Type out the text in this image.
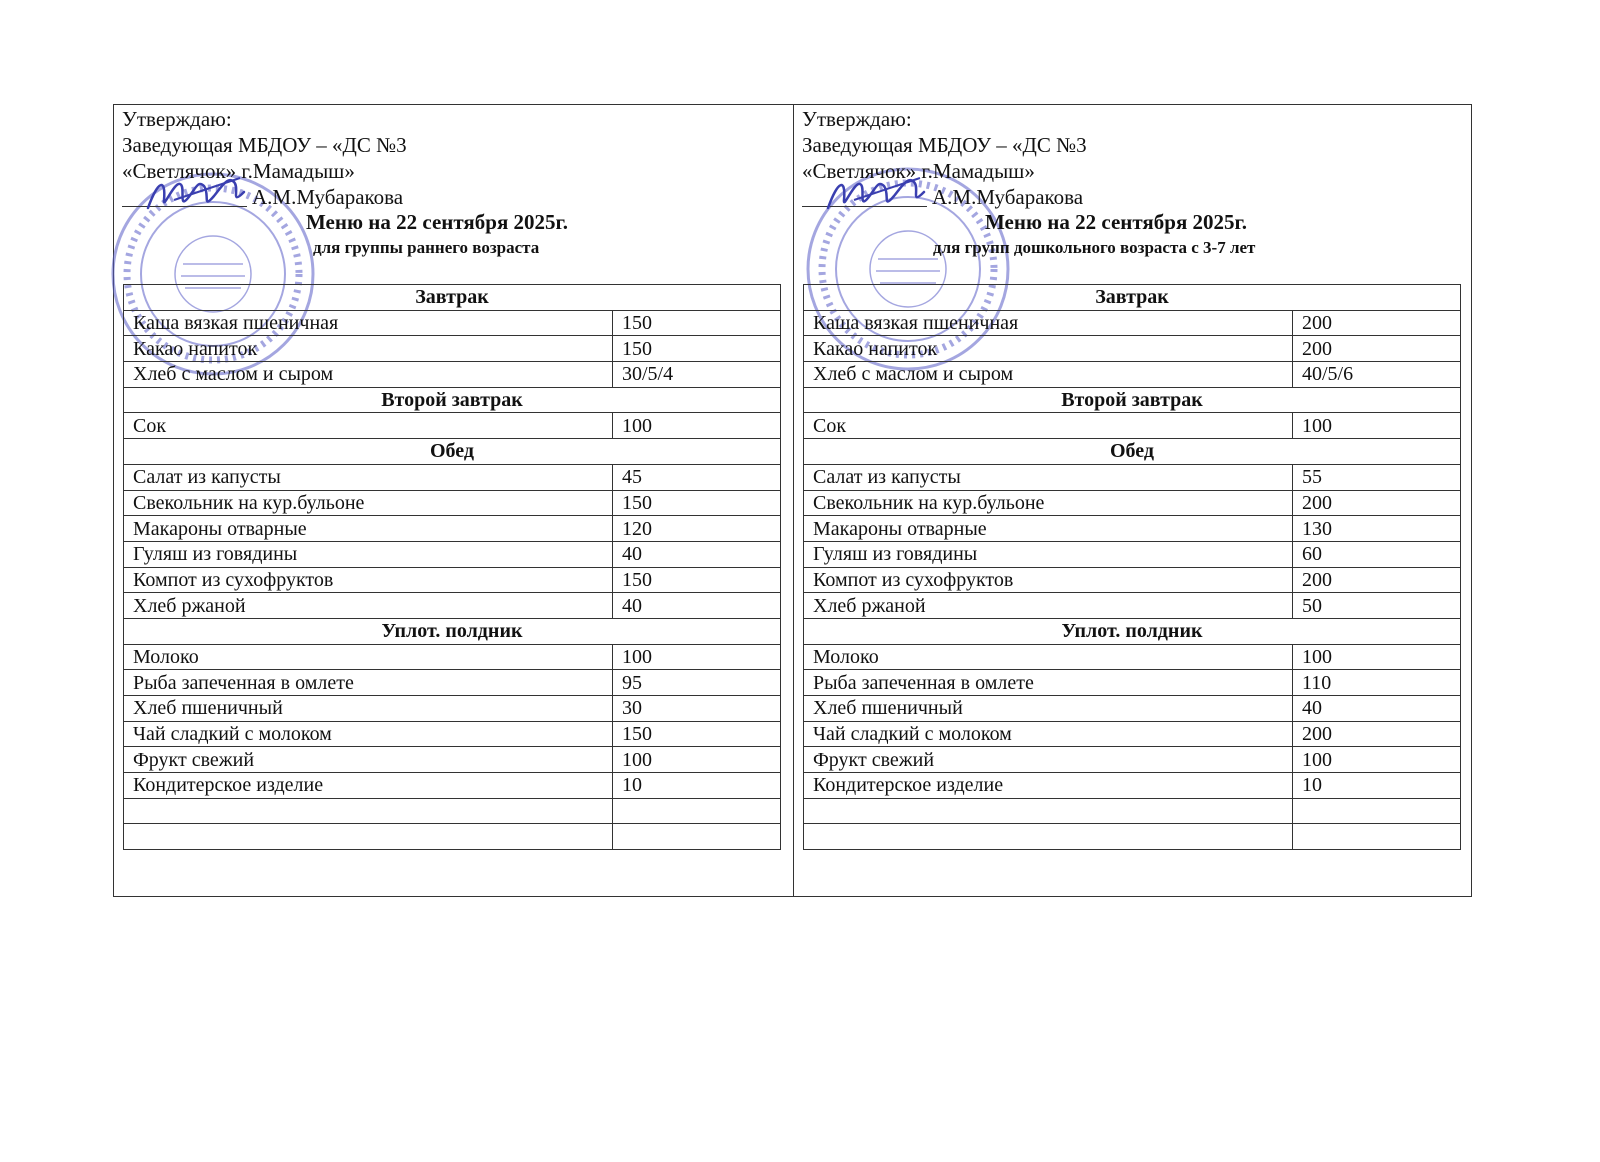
Утверждаю:
Заведующая МБДОУ – «ДС №3
«Светлячок» г.Мамадыш»
А.М.Мубаракова
Меню на 22 сентября 2025г.
для группы раннего возраста
Завтрак	
Каша вязкая пшеничная	150
Какао напиток	150
Хлеб с маслом и сыром	30/5/4
Второй завтрак	
Сок	100
Обед	
Салат из капусты	45
Свекольник на кур.бульоне	150
Макароны отварные	120
Гуляш из говядины	40
Компот из сухофруктов	150
Хлеб ржаной	40
Уплот. полдник	
Молоко	100
Рыба запеченная в омлете	95
Хлеб пшеничный	30
Чай сладкий с молоком	150
Фрукт свежий	100
Кондитерское изделие	10

Утверждаю:
Заведующая МБДОУ – «ДС №3
«Светлячок» г.Мамадыш»
А.М.Мубаракова
Меню на 22 сентября 2025г.
для групп дошкольного возраста с 3-7 лет
Завтрак	
Каша вязкая пшеничная	200
Какао напиток	200
Хлеб с маслом и сыром	40/5/6
Второй завтрак	
Сок	100
Обед	
Салат из капусты	55
Свекольник на кур.бульоне	200
Макароны отварные	130
Гуляш из говядины	60
Компот из сухофруктов	200
Хлеб ржаной	50
Уплот. полдник	
Молоко	100
Рыба запеченная в омлете	110
Хлеб пшеничный	40
Чай сладкий с молоком	200
Фрукт свежий	100
Кондитерское изделие	10
